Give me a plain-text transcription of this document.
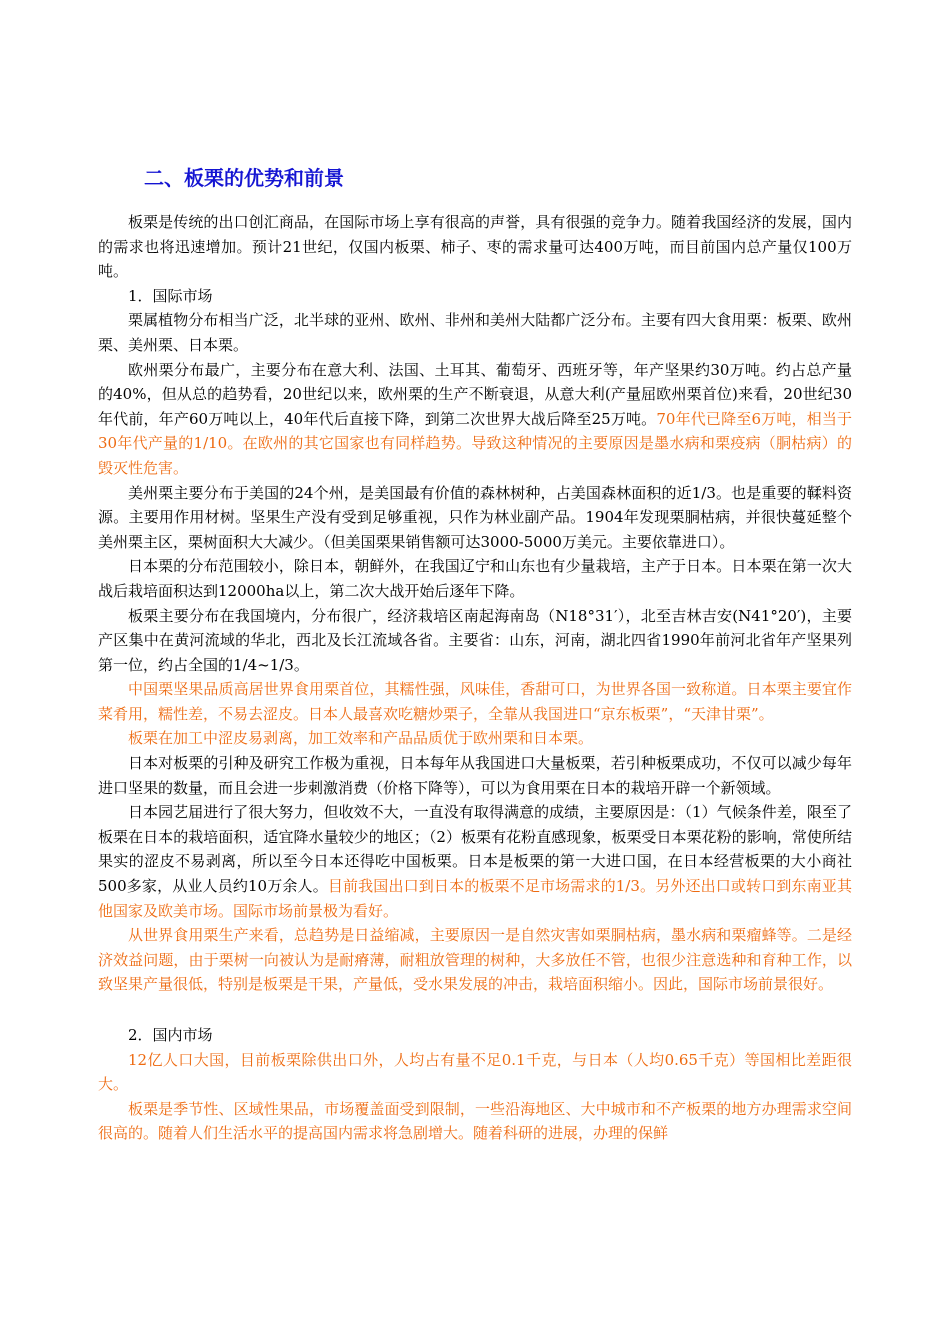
二、板栗的优势和前景

板栗是传统的出口创汇商品，在国际市场上享有很高的声誉，具有很强的竞争力。随着我国经济的发展，国内的需求也将迅速增加。预计21世纪，仅国内板栗、柿子、枣的需求量可达400万吨，而目前国内总产量仅100万吨。

1．国际市场

栗属植物分布相当广泛，北半球的亚州、欧州、非州和美州大陆都广泛分布。主要有四大食用栗：板栗、欧州栗、美州栗、日本栗。

欧州栗分布最广，主要分布在意大利、法国、土耳其、葡萄牙、西班牙等，年产坚果约30万吨。约占总产量的40%，但从总的趋势看，20世纪以来，欧州栗的生产不断衰退，从意大利(产量屈欧州栗首位)来看，20世纪30年代前，年产60万吨以上，40年代后直接下降，到第二次世界大战后降至25万吨。70年代已降至6万吨，相当于30年代产量的1/10。在欧州的其它国家也有同样趋势。导致这种情况的主要原因是墨水病和栗疫病（胴枯病）的毁灭性危害。

美州栗主要分布于美国的24个州，是美国最有价值的森林树种，占美国森林面积的近1/3。也是重要的鞣料资源。主要用作用材树。坚果生产没有受到足够重视，只作为林业副产品。1904年发现栗胴枯病，并很快蔓延整个美州栗主区，栗树面积大大减少。（但美国栗果销售额可达3000-5000万美元。主要依靠进口）。

日本栗的分布范围较小，除日本，朝鲜外，在我国辽宁和山东也有少量栽培，主产于日本。日本栗在第一次大战后栽培面积达到12000ha以上，第二次大战开始后逐年下降。

板栗主要分布在我国境内，分布很广，经济栽培区南起海南岛（N18°31′），北至吉林吉安(N41°20′)，主要产区集中在黄河流域的华北，西北及长江流域各省。主要省：山东，河南，湖北四省1990年前河北省年产坚果列第一位，约占全国的1/4~1/3。

中国栗坚果品质高居世界食用栗首位，其糯性强，风味佳，香甜可口，为世界各国一致称道。日本栗主要宜作菜肴用，糯性差，不易去涩皮。日本人最喜欢吃糖炒栗子，全靠从我国进口“京东板栗”，“天津甘栗”。

板栗在加工中涩皮易剥离，加工效率和产品品质优于欧州栗和日本栗。

日本对板栗的引种及研究工作极为重视，日本每年从我国进口大量板栗，若引种板栗成功，不仅可以减少每年进口坚果的数量，而且会进一步刺激消费（价格下降等），可以为食用栗在日本的栽培开辟一个新领域。

日本园艺届进行了很大努力，但收效不大，一直没有取得满意的成绩，主要原因是：（1）气候条件差，限至了板栗在日本的栽培面积，适宜降水量较少的地区；（2）板栗有花粉直感现象，板栗受日本栗花粉的影响，常使所结果实的涩皮不易剥离，所以至今日本还得吃中国板栗。日本是板栗的第一大进口国，在日本经营板栗的大小商社500多家，从业人员约10万余人。目前我国出口到日本的板栗不足市场需求的1/3。另外还出口或转口到东南亚其他国家及欧美市场。国际市场前景极为看好。

从世界食用栗生产来看，总趋势是日益缩减，主要原因一是自然灾害如栗胴枯病，墨水病和栗瘤蜂等。二是经济效益问题，由于栗树一向被认为是耐瘠薄，耐粗放管理的树种，大多放任不管，也很少注意选种和育种工作，以致坚果产量很低，特别是板栗是干果，产量低，受水果发展的冲击，栽培面积缩小。因此，国际市场前景很好。

2．国内市场

12亿人口大国，目前板栗除供出口外，人均占有量不足0.1千克，与日本（人均0.65千克）等国相比差距很大。

板栗是季节性、区域性果品，市场覆盖面受到限制，一些沿海地区、大中城市和不产板栗的地方办理需求空间很高的。随着人们生活水平的提高国内需求将急剧增大。随着科研的进展，办理的保鲜
